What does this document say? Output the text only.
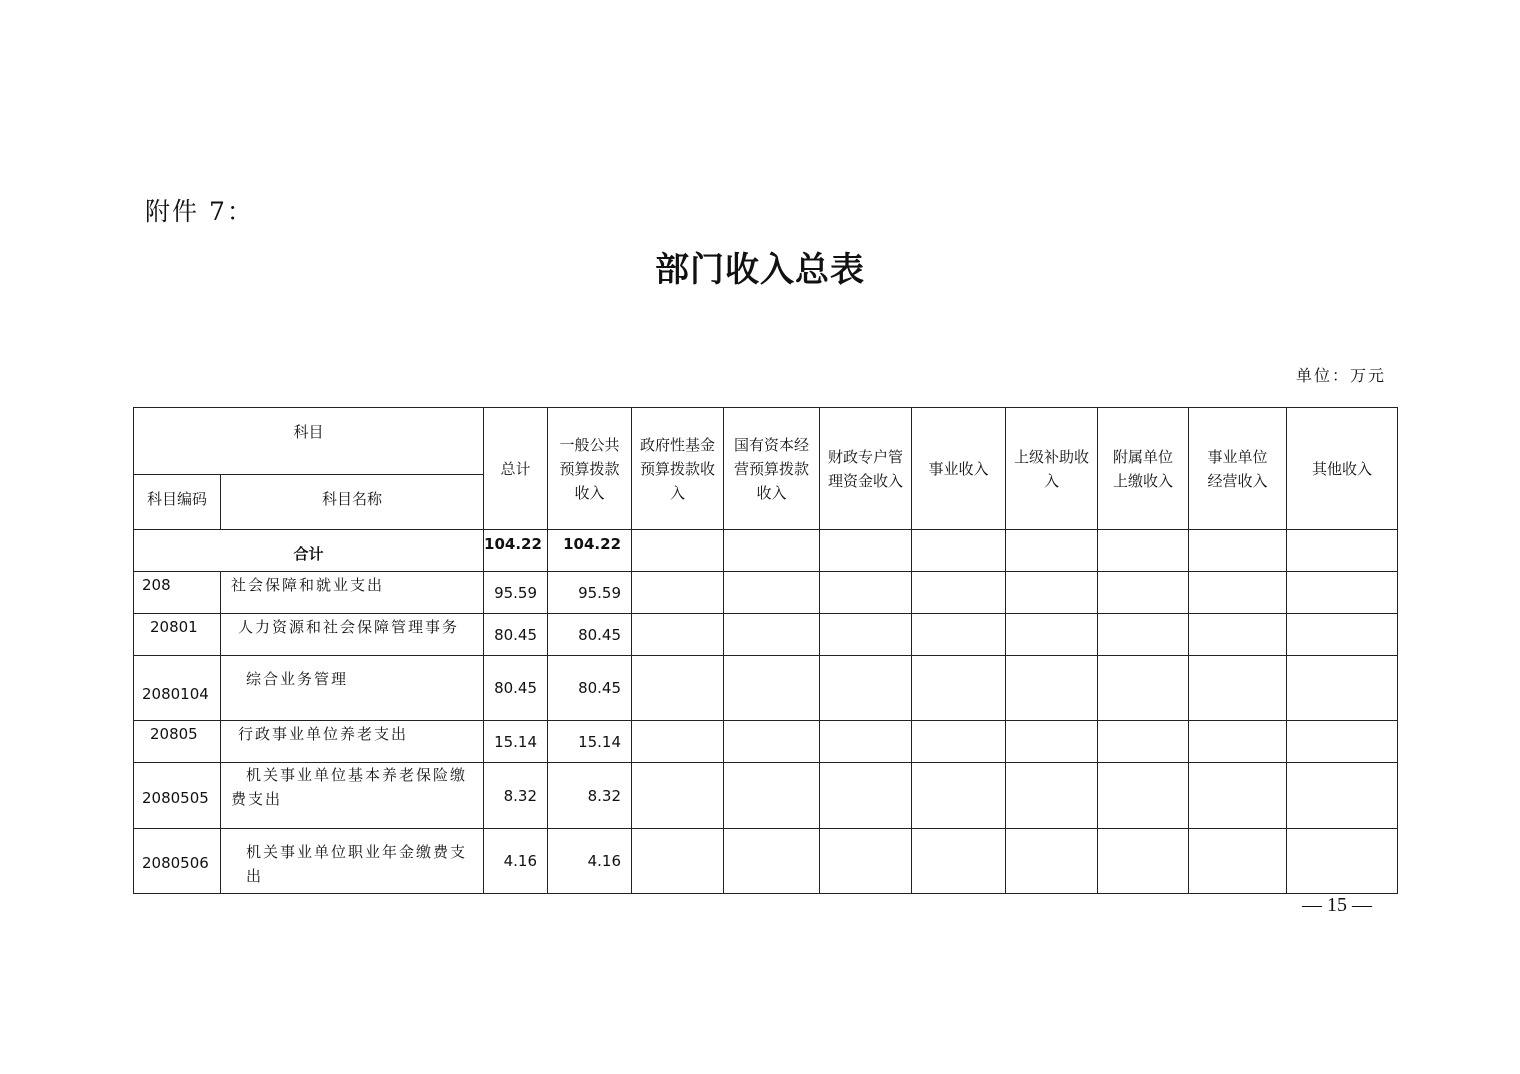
附件 7：
部门收入总表
单位：万元
科目		总计	一般公共预算拨款收入	政府性基金预算拨款收入	国有资本经营预算拨款收入	财政专户管理资金收入	事业收入	上级补助收入	附属单位上缴收入	事业单位经营收入	其他收入
科目编码	科目名称										
合计		104.22	104.22								
208	社会保障和就业支出	95.59	95.59								
20801	人力资源和社会保障管理事务	80.45	80.45								
2080104	综合业务管理	80.45	80.45								
20805	行政事业单位养老支出	15.14	15.14								
2080505	机关事业单位基本养老保险缴费支出	8.32	8.32								
2080506	机关事业单位职业年金缴费支出	4.16	4.16								
— 15 —
